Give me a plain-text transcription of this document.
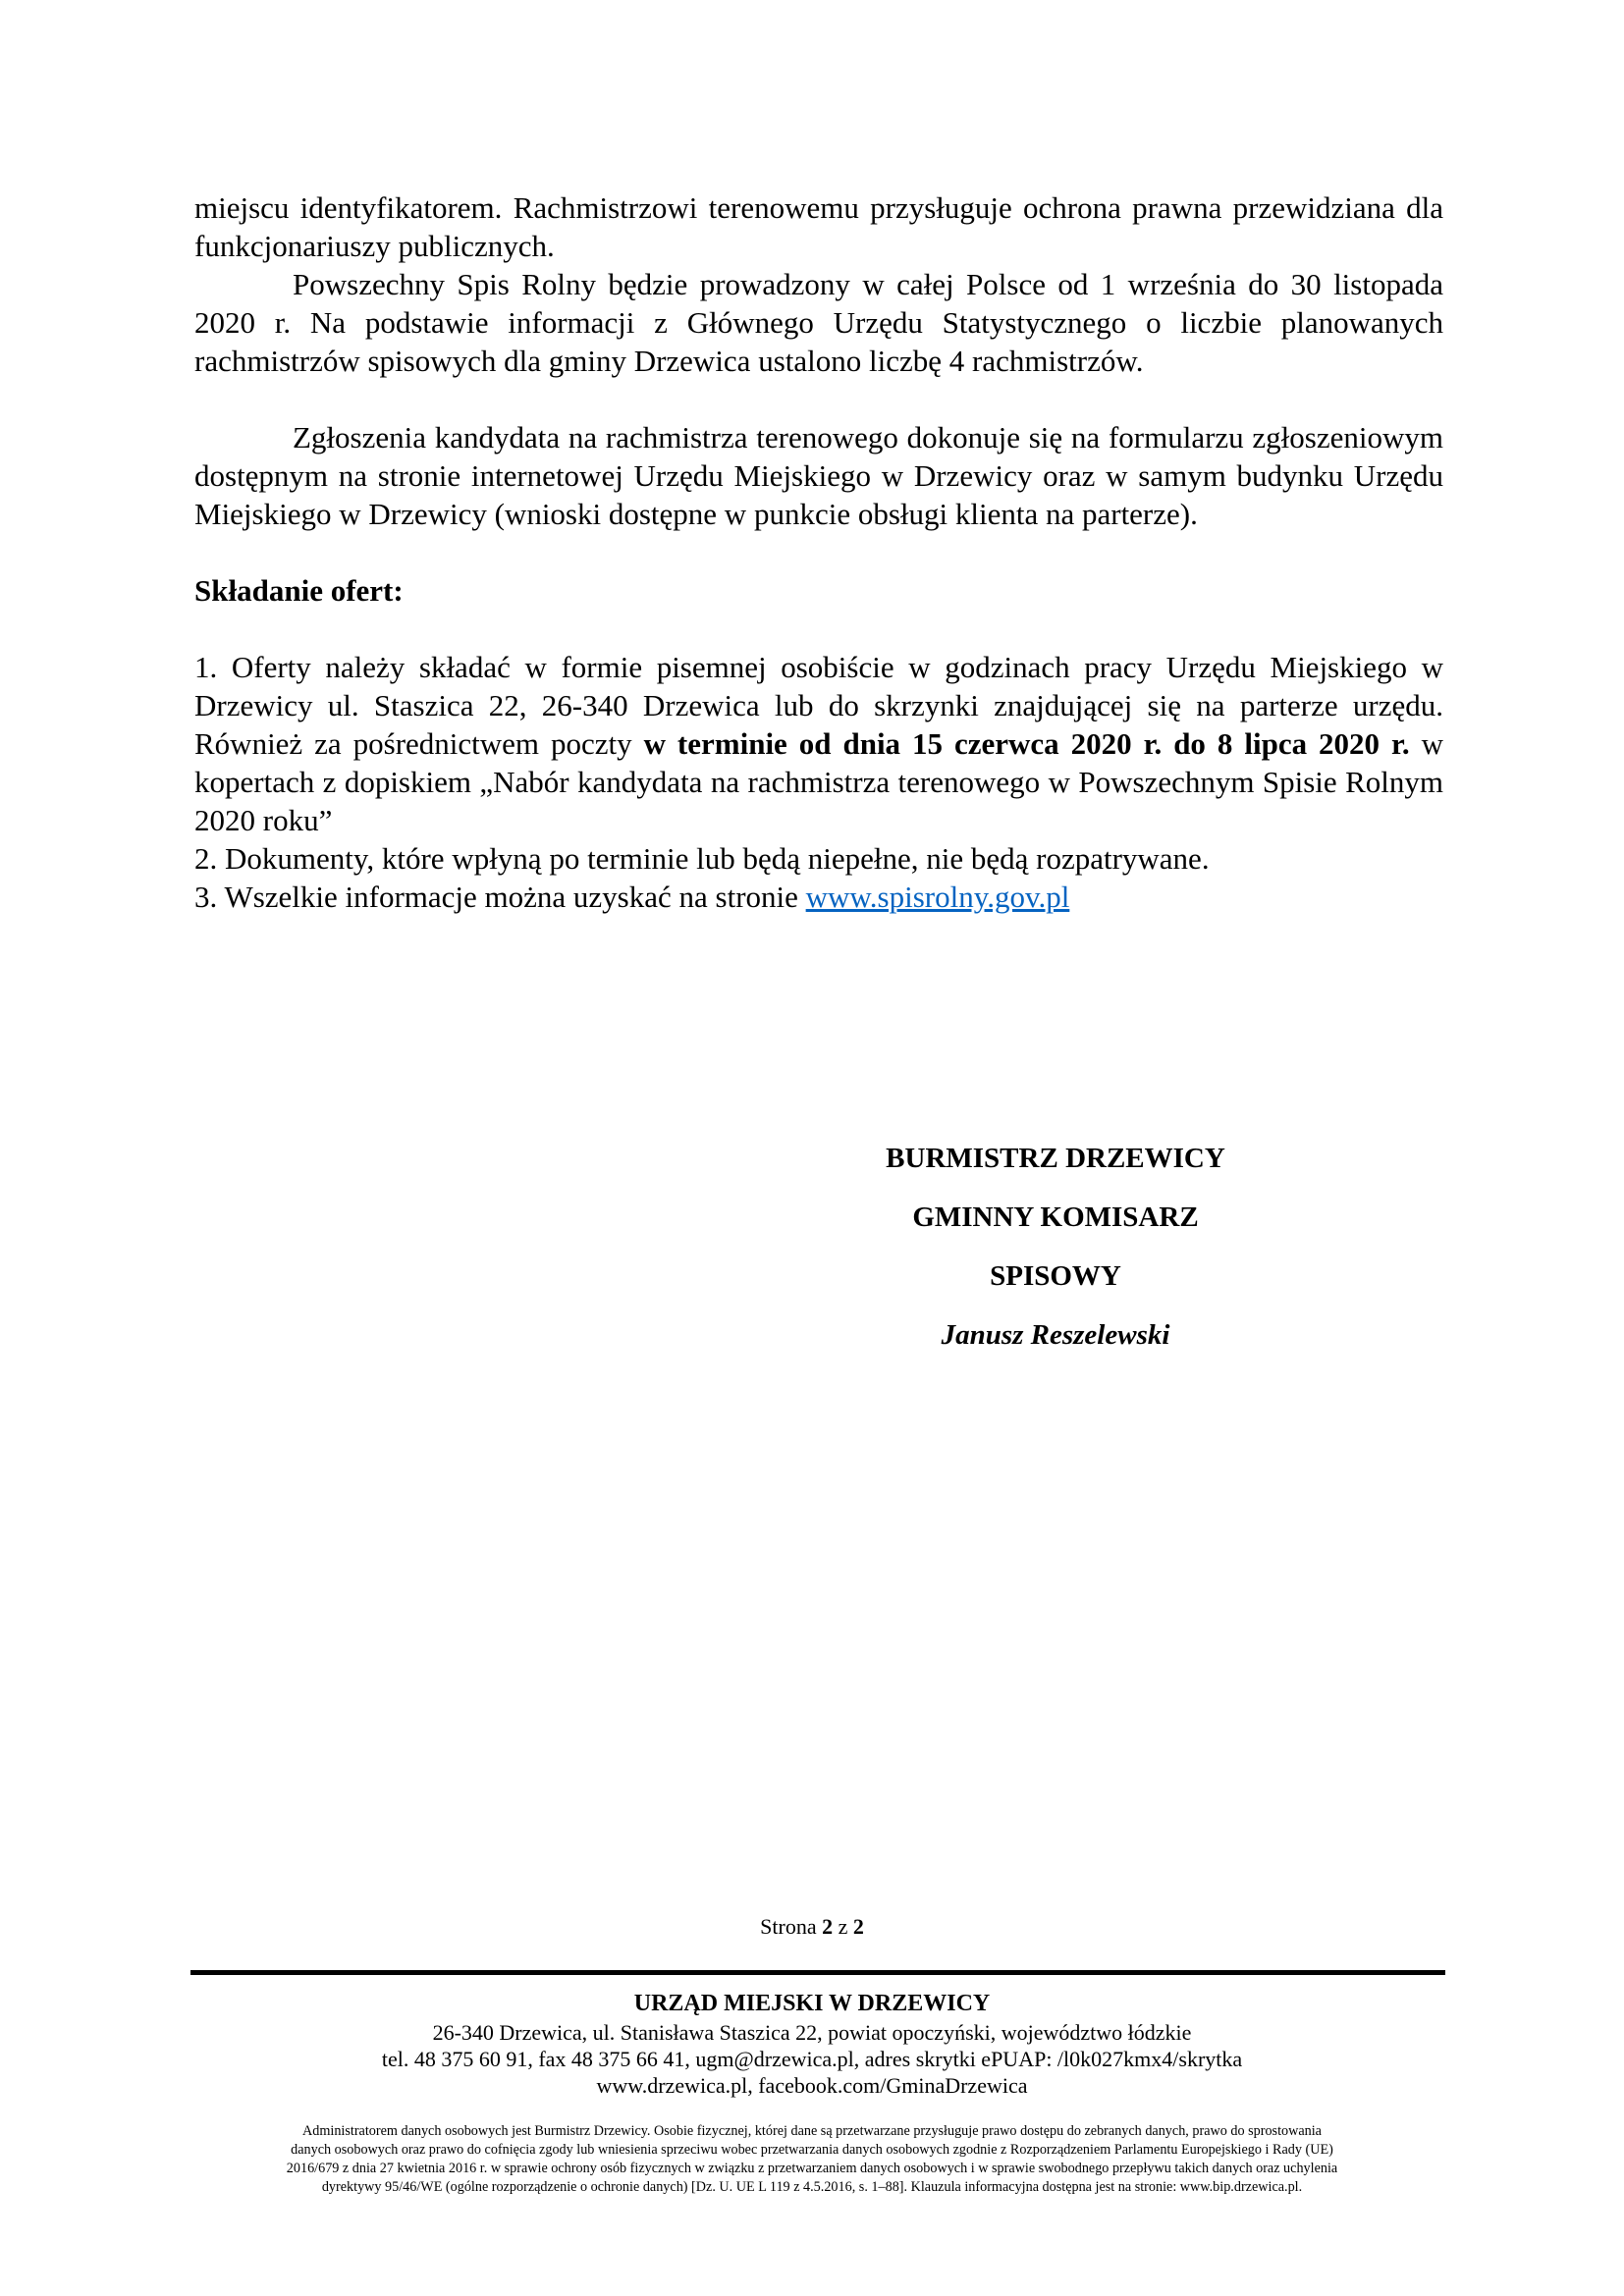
miejscu identyfikatorem. Rachmistrzowi terenowemu przysługuje ochrona prawna przewidziana dla funkcjonariuszy publicznych.

Powszechny Spis Rolny będzie prowadzony w całej Polsce od 1 września do 30 listopada 2020 r. Na podstawie informacji z Głównego Urzędu Statystycznego o liczbie planowanych rachmistrzów spisowych dla gminy Drzewica ustalono liczbę 4 rachmistrzów.

Zgłoszenia kandydata na rachmistrza terenowego dokonuje się na formularzu zgłoszeniowym dostępnym na stronie internetowej Urzędu Miejskiego w Drzewicy oraz w samym budynku Urzędu Miejskiego w Drzewicy (wnioski dostępne w punkcie obsługi klienta na parterze).

Składanie ofert:

1. Oferty należy składać w formie pisemnej osobiście w godzinach pracy Urzędu Miejskiego w Drzewicy ul. Staszica 22, 26-340 Drzewica lub do skrzynki znajdującej się na parterze urzędu. Również za pośrednictwem poczty w terminie od dnia 15 czerwca 2020 r. do 8 lipca 2020 r. w kopertach z dopiskiem „Nabór kandydata na rachmistrza terenowego w Powszechnym Spisie Rolnym 2020 roku”

2. Dokumenty, które wpłyną po terminie lub będą niepełne, nie będą rozpatrywane.

3. Wszelkie informacje można uzyskać na stronie www.spisrolny.gov.pl

BURMISTRZ DRZEWICY

GMINNY KOMISARZ SPISOWY

Janusz Reszelewski

Strona 2 z 2

URZĄD MIEJSKI W DRZEWICY

26-340 Drzewica, ul. Stanisława Staszica 22, powiat opoczyński, województwo łódzkie

tel. 48 375 60 91, fax 48 375 66 41, ugm@drzewica.pl, adres skrytki ePUAP: /l0k027kmx4/skrytka

www.drzewica.pl, facebook.com/GminaDrzewica

Administratorem danych osobowych jest Burmistrz Drzewicy. Osobie fizycznej, której dane są przetwarzane przysługuje prawo dostępu do zebranych danych, prawo do sprostowania

danych osobowych oraz prawo do cofnięcia zgody lub wniesienia sprzeciwu wobec przetwarzania danych osobowych zgodnie z Rozporządzeniem Parlamentu Europejskiego i Rady (UE)

2016/679 z dnia 27 kwietnia 2016 r. w sprawie ochrony osób fizycznych w związku z przetwarzaniem danych osobowych i w sprawie swobodnego przepływu takich danych oraz uchylenia

dyrektywy 95/46/WE (ogólne rozporządzenie o ochronie danych) [Dz. U. UE L 119 z 4.5.2016, s. 1–88]. Klauzula informacyjna dostępna jest na stronie: www.bip.drzewica.pl.
